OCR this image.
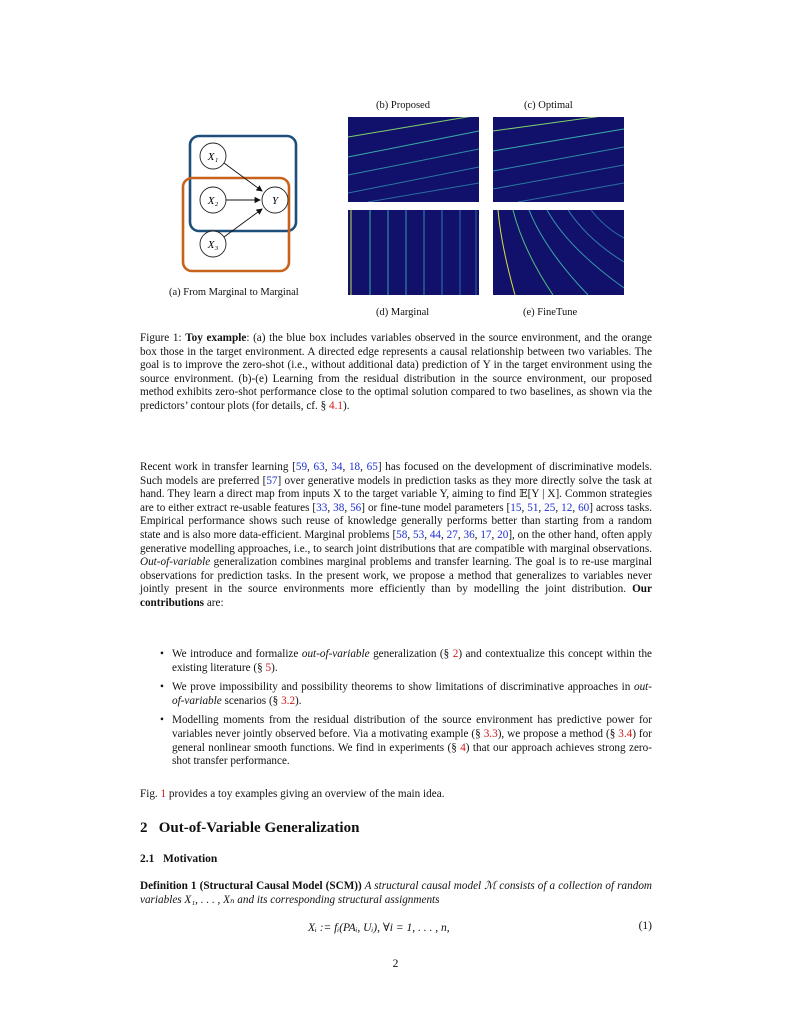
X₁
X₂
X₃
Y
(a) From Marginal to Marginal
(b) Proposed	(c) Optimal
(d) Marginal	(e) FineTune
Figure 1: Toy example: (a) the blue box includes variables observed in the source environment, and the orange box those in the target environment. A directed edge represents a causal relationship between two variables. The goal is to improve the zero-shot (i.e., without additional data) prediction of Y in the target environment using the source environment. (b)-(e) Learning from the residual distribution in the source environment, our proposed method exhibits zero-shot performance close to the optimal solution compared to two baselines, as shown via the predictors’ contour plots (for details, cf. § 4.1).
Recent work in transfer learning [59, 63, 34, 18, 65] has focused on the development of discriminative models. Such models are preferred [57] over generative models in prediction tasks as they more directly solve the task at hand. They learn a direct map from inputs X to the target variable Y, aiming to find 𝔼[Y | X]. Common strategies are to either extract re-usable features [33, 38, 56] or fine-tune model parameters [15, 51, 25, 12, 60] across tasks. Empirical performance shows such reuse of knowledge generally performs better than starting from a random state and is also more data-efficient. Marginal problems [58, 53, 44, 27, 36, 17, 20], on the other hand, often apply generative modelling approaches, i.e., to search joint distributions that are compatible with marginal observations. Out-of-variable generalization combines marginal problems and transfer learning. The goal is to re-use marginal observations for prediction tasks. In the present work, we propose a method that generalizes to variables never jointly present in the source environments more efficiently than by modelling the joint distribution. Our contributions are:
• We introduce and formalize out-of-variable generalization (§ 2) and contextualize this concept within the existing literature (§ 5).
• We prove impossibility and possibility theorems to show limitations of discriminative approaches in out-of-variable scenarios (§ 3.2).
• Modelling moments from the residual distribution of the source environment has predictive power for variables never jointly observed before. Via a motivating example (§ 3.3), we propose a method (§ 3.4) for general nonlinear smooth functions. We find in experiments (§ 4) that our approach achieves strong zero-shot transfer performance.
Fig. 1 provides a toy examples giving an overview of the main idea.
2 Out-of-Variable Generalization
2.1 Motivation
Definition 1 (Structural Causal Model (SCM)) A structural causal model ℳ consists of a collection of random variables X₁, . . . , Xₙ and its corresponding structural assignments
Xᵢ := fᵢ(PAᵢ, Uᵢ), ∀i = 1, . . . , n,	(1)
2
